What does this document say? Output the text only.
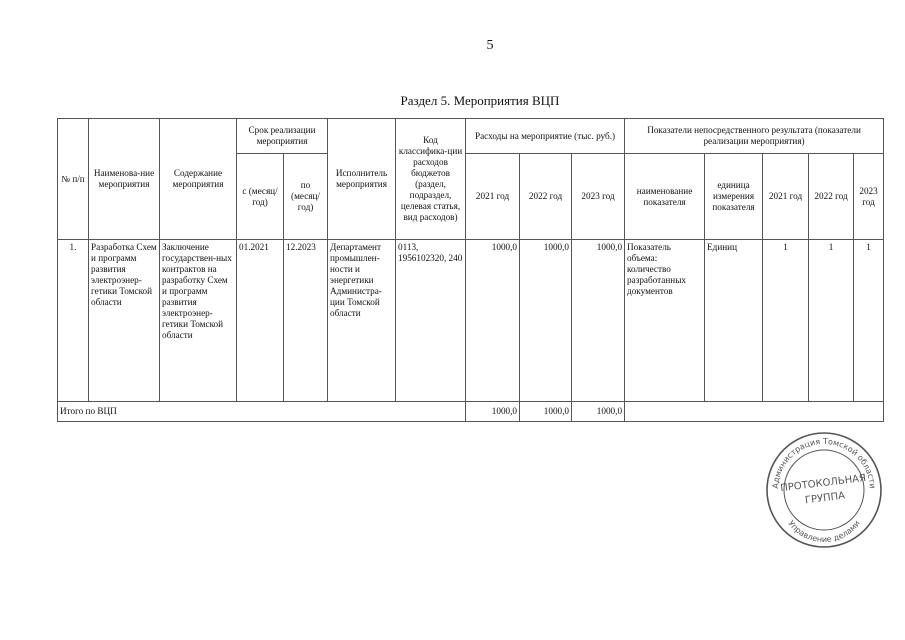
5
Раздел 5. Мероприятия ВЦП
№ п/п	Наименова-ние мероприятия	Содержание мероприятия	Срок реализации мероприятия		Исполнитель мероприятия	Код классифика-ции расходов бюджетов (раздел, подраздел, целевая статья, вид расходов)	Расходы на мероприятие (тыс. руб.)			Показатели непосредственного результата (показатели реализации мероприятия)				
			с (месяц/ год)	по (месяц/ год)			2021 год	2022 год	2023 год	наименование показателя	единица измерения показателя	2021 год	2022 год	2023 год
1.	Разработка Схем и программ развития электроэнер-гетики Томской области	Заключение государствен-ных контрактов на разработку Схем и программ развития электроэнер-гетики Томской области	01.2021	12.2023	Департамент промышлен-ности и энергетики Администра-ции Томской области	0113, 1956102320, 240	1000,0	1000,0	1000,0	Показатель объема: количество разработанных документов	Единиц	1	1	1
Итого по ВЦП							1000,0	1000,0	1000,0					
Администрация Томской области
Управление делами
ПРОТОКОЛЬНАЯ
ГРУППА
